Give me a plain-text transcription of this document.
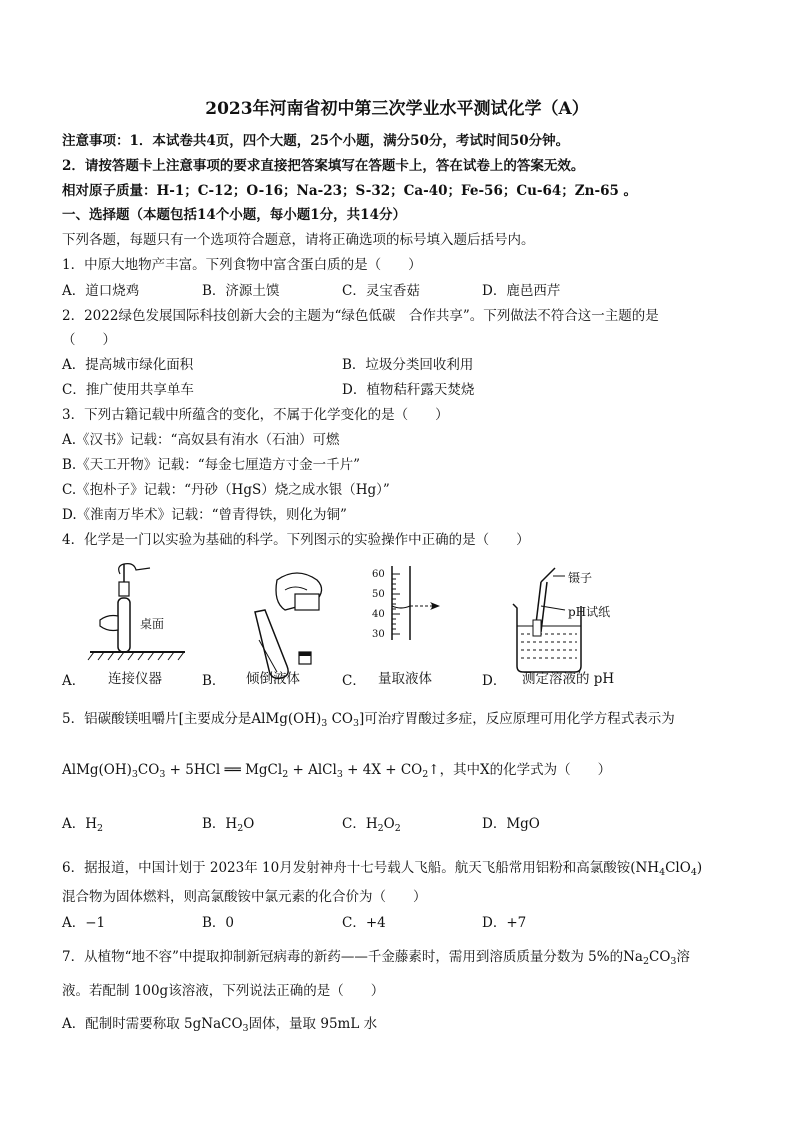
2023年河南省初中第三次学业水平测试化学（A）
注意事项：1．本试卷共4页，四个大题，25个小题，满分50分，考试时间50分钟。
2．请按答题卡上注意事项的要求直接把答案填写在答题卡上，答在试卷上的答案无效。
相对原子质量：H-1；C-12；O-16；Na-23；S-32；Ca-40；Fe-56；Cu-64；Zn-65 。
一、选择题（本题包括14个小题，每小题1分，共14分）
下列各题，每题只有一个选项符合题意，请将正确选项的标号填入题后括号内。
1．中原大地物产丰富。下列食物中富含蛋白质的是（　　）
A．道口烧鸡	B．济源土馍	C．灵宝香菇	D．鹿邑西芹
2．2022绿色发展国际科技创新大会的主题为“绿色低碳　合作共享”。下列做法不符合这一主题的是
（　　）
A．提高城市绿化面积	B．垃圾分类回收利用
C．推广使用共享单车	D．植物秸秆露天焚烧
3．下列古籍记载中所蕴含的变化，不属于化学变化的是（　　）
A.《汉书》记载：“高奴县有洧水（石油）可燃
B.《天工开物》记载：“每金七厘造方寸金一千片”
C.《抱朴子》记载：“丹砂（HgS）烧之成水银（Hg）”
D.《淮南万毕术》记载：“曾青得铁，则化为铜”
4．化学是一门以实验为基础的科学。下列图示的实验操作中正确的是（　　）
桌面
A． 连接仪器	B． 倾倒液体
60
50
40
30
C． 量取液体
镊子
pH试纸
D． 测定溶液的 pH
5．铝碳酸镁咀嚼片[主要成分是$AlMg(OH)_3$ $CO_3$]可治疗胃酸过多症，反应原理可用化学方程式表示为
$AlMg(OH)_3CO_3 + 5HCl$ ══ MgCl$_2$ + AlCl$_3$ + $4X + CO_2↑$，其中X的化学式为（　　）
A．$H_2$	B．$H_2O$	C．$H_2O_2$	D．MgO
6．据报道，中国计划于 2023年 10月发射神舟十七号载人飞船。航天飞船常用铝粉和高氯酸铵$(NH_4ClO_4)$
混合物为固体燃料，则高氯酸铵中氯元素的化合价为（　　）
A．−1	B．0	C．+4	D．+7
7．从植物“地不容”中提取抑制新冠病毒的新药——千金藤素时，需用到溶质质量分数为 5%的$Na_2CO_3$溶
液。若配制 100g该溶液，下列说法正确的是（　　）
A．配制时需要称取 5gNaCO$_3$固体，量取 95mL 水
